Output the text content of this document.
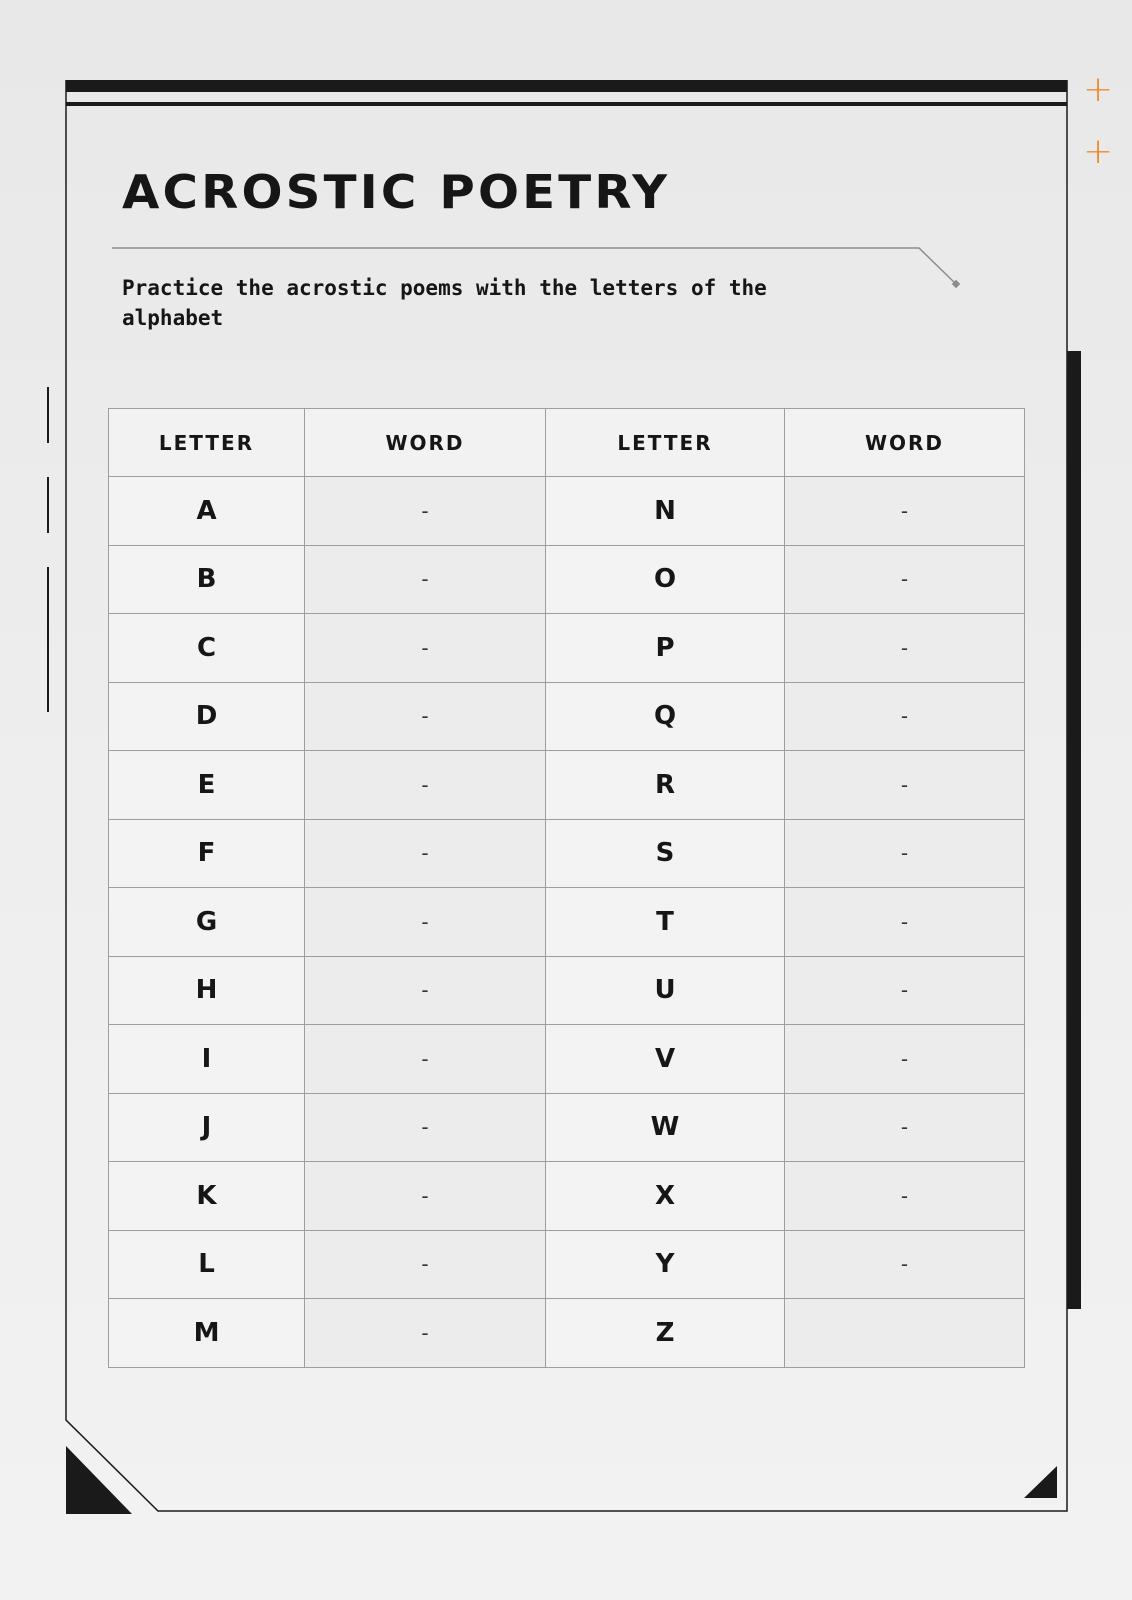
+
+
ACROSTIC POETRY

Practice the acrostic poems with the letters of the alphabet

LETTER	WORD	LETTER	WORD
A	-	N	-
B	-	O	-
C	-	P	-
D	-	Q	-
E	-	R	-
F	-	S	-
G	-	T	-
H	-	U	-
I	-	V	-
J	-	W	-
K	-	X	-
L	-	Y	-
M	-	Z	
